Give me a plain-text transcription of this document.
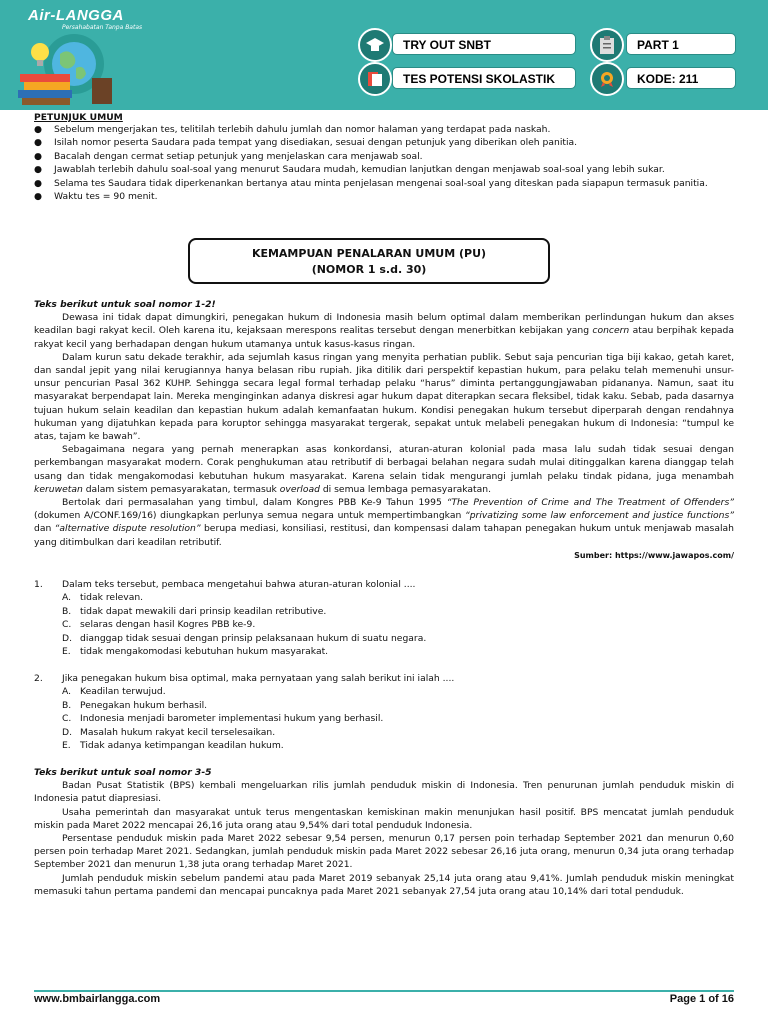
Air-LANGGA
Persahabatan Tanpa Batas
TRY OUT SNBT
TES POTENSI SKOLASTIK
PART 1
KODE: 211
PETUNJUK UMUM
● Sebelum mengerjakan tes, telitilah terlebih dahulu jumlah dan nomor halaman yang terdapat pada naskah.
● Isilah nomor peserta Saudara pada tempat yang disediakan, sesuai dengan petunjuk yang diberikan oleh panitia.
● Bacalah dengan cermat setiap petunjuk yang menjelaskan cara menjawab soal.
● Jawablah terlebih dahulu soal-soal yang menurut Saudara mudah, kemudian lanjutkan dengan menjawab soal-soal yang lebih sukar.
● Selama tes Saudara tidak diperkenankan bertanya atau minta penjelasan mengenai soal-soal yang diteskan pada siapapun termasuk panitia.
● Waktu tes = 90 menit.
KEMAMPUAN PENALARAN UMUM (PU)
(NOMOR 1 s.d. 30)

Teks berikut untuk soal nomor 1-2!

Dewasa ini tidak dapat dimungkiri, penegakan hukum di Indonesia masih belum optimal dalam memberikan perlindungan hukum dan akses keadilan bagi rakyat kecil. Oleh karena itu, kejaksaan merespons realitas tersebut dengan menerbitkan kebijakan yang concern atau berpihak kepada rakyat kecil yang berhadapan dengan hukum utamanya untuk kasus-kasus ringan.

Dalam kurun satu dekade terakhir, ada sejumlah kasus ringan yang menyita perhatian publik. Sebut saja pencurian tiga biji kakao, getah karet, dan sandal jepit yang nilai kerugiannya hanya belasan ribu rupiah. Jika ditilik dari perspektif kepastian hukum, para pelaku telah memenuhi unsur-unsur pencurian Pasal 362 KUHP. Sehingga secara legal formal terhadap pelaku “harus” diminta pertanggungjawaban pidananya. Namun, saat itu masyarakat berpendapat lain. Mereka menginginkan adanya diskresi agar hukum dapat diterapkan secara fleksibel, tidak kaku. Sebab, pada dasarnya tujuan hukum selain keadilan dan kepastian hukum adalah kemanfaatan hukum. Kondisi penegakan hukum tersebut diperparah dengan rendahnya hukuman yang dijatuhkan kepada para koruptor sehingga masyarakat tergerak, sepakat untuk melabeli penegakan hukum di Indonesia: “tumpul ke atas, tajam ke bawah”.

Sebagaimana negara yang pernah menerapkan asas konkordansi, aturan-aturan kolonial pada masa lalu sudah tidak sesuai dengan perkembangan masyarakat modern. Corak penghukuman atau retributif di berbagai belahan negara sudah mulai ditinggalkan karena dianggap telah usang dan tidak mengakomodasi kebutuhan hukum masyarakat. Karena selain tidak mengurangi jumlah pelaku tindak pidana, juga menambah keruwetan dalam sistem pemasyarakatan, termasuk overload di semua lembaga pemasyarakatan.

Bertolak dari permasalahan yang timbul, dalam Kongres PBB Ke-9 Tahun 1995 “The Prevention of Crime and The Treatment of Offenders” (dokumen A/CONF.169/16) diungkapkan perlunya semua negara untuk mempertimbangkan “privatizing some law enforcement and justice functions” dan “alternative dispute resolution” berupa mediasi, konsiliasi, restitusi, dan kompensasi dalam tahapan penegakan hukum untuk menjawab masalah yang ditimbulkan dari keadilan retributif.

Sumber: https://www.jawapos.com/

1. Dalam teks tersebut, pembaca mengetahui bahwa aturan-aturan kolonial ....
A. tidak relevan.
B. tidak dapat mewakili dari prinsip keadilan retributive.
C. selaras dengan hasil Kogres PBB ke-9.
D. dianggap tidak sesuai dengan prinsip pelaksanaan hukum di suatu negara.
E. tidak mengakomodasi kebutuhan hukum masyarakat.
2. Jika penegakan hukum bisa optimal, maka pernyataan yang salah berikut ini ialah ....
A. Keadilan terwujud.
B. Penegakan hukum berhasil.
C. Indonesia menjadi barometer implementasi hukum yang berhasil.
D. Masalah hukum rakyat kecil terselesaikan.
E. Tidak adanya ketimpangan keadilan hukum.

Teks berikut untuk soal nomor 3-5

Badan Pusat Statistik (BPS) kembali mengeluarkan rilis jumlah penduduk miskin di Indonesia. Tren penurunan jumlah penduduk miskin di Indonesia patut diapresiasi.

Usaha pemerintah dan masyarakat untuk terus mengentaskan kemiskinan makin menunjukan hasil positif. BPS mencatat jumlah penduduk miskin pada Maret 2022 mencapai 26,16 juta orang atau 9,54% dari total penduduk Indonesia.

Persentase penduduk miskin pada Maret 2022 sebesar 9,54 persen, menurun 0,17 persen poin terhadap September 2021 dan menurun 0,60 persen poin terhadap Maret 2021. Sedangkan, jumlah penduduk miskin pada Maret 2022 sebesar 26,16 juta orang, menurun 0,34 juta orang terhadap September 2021 dan menurun 1,38 juta orang terhadap Maret 2021.

Jumlah penduduk miskin sebelum pandemi atau pada Maret 2019 sebanyak 25,14 juta orang atau 9,41%. Jumlah penduduk miskin meningkat memasuki tahun pertama pandemi dan mencapai puncaknya pada Maret 2021 sebanyak 27,54 juta orang atau 10,14% dari total penduduk.

www.bmbairlangga.com	Page 1 of 16
